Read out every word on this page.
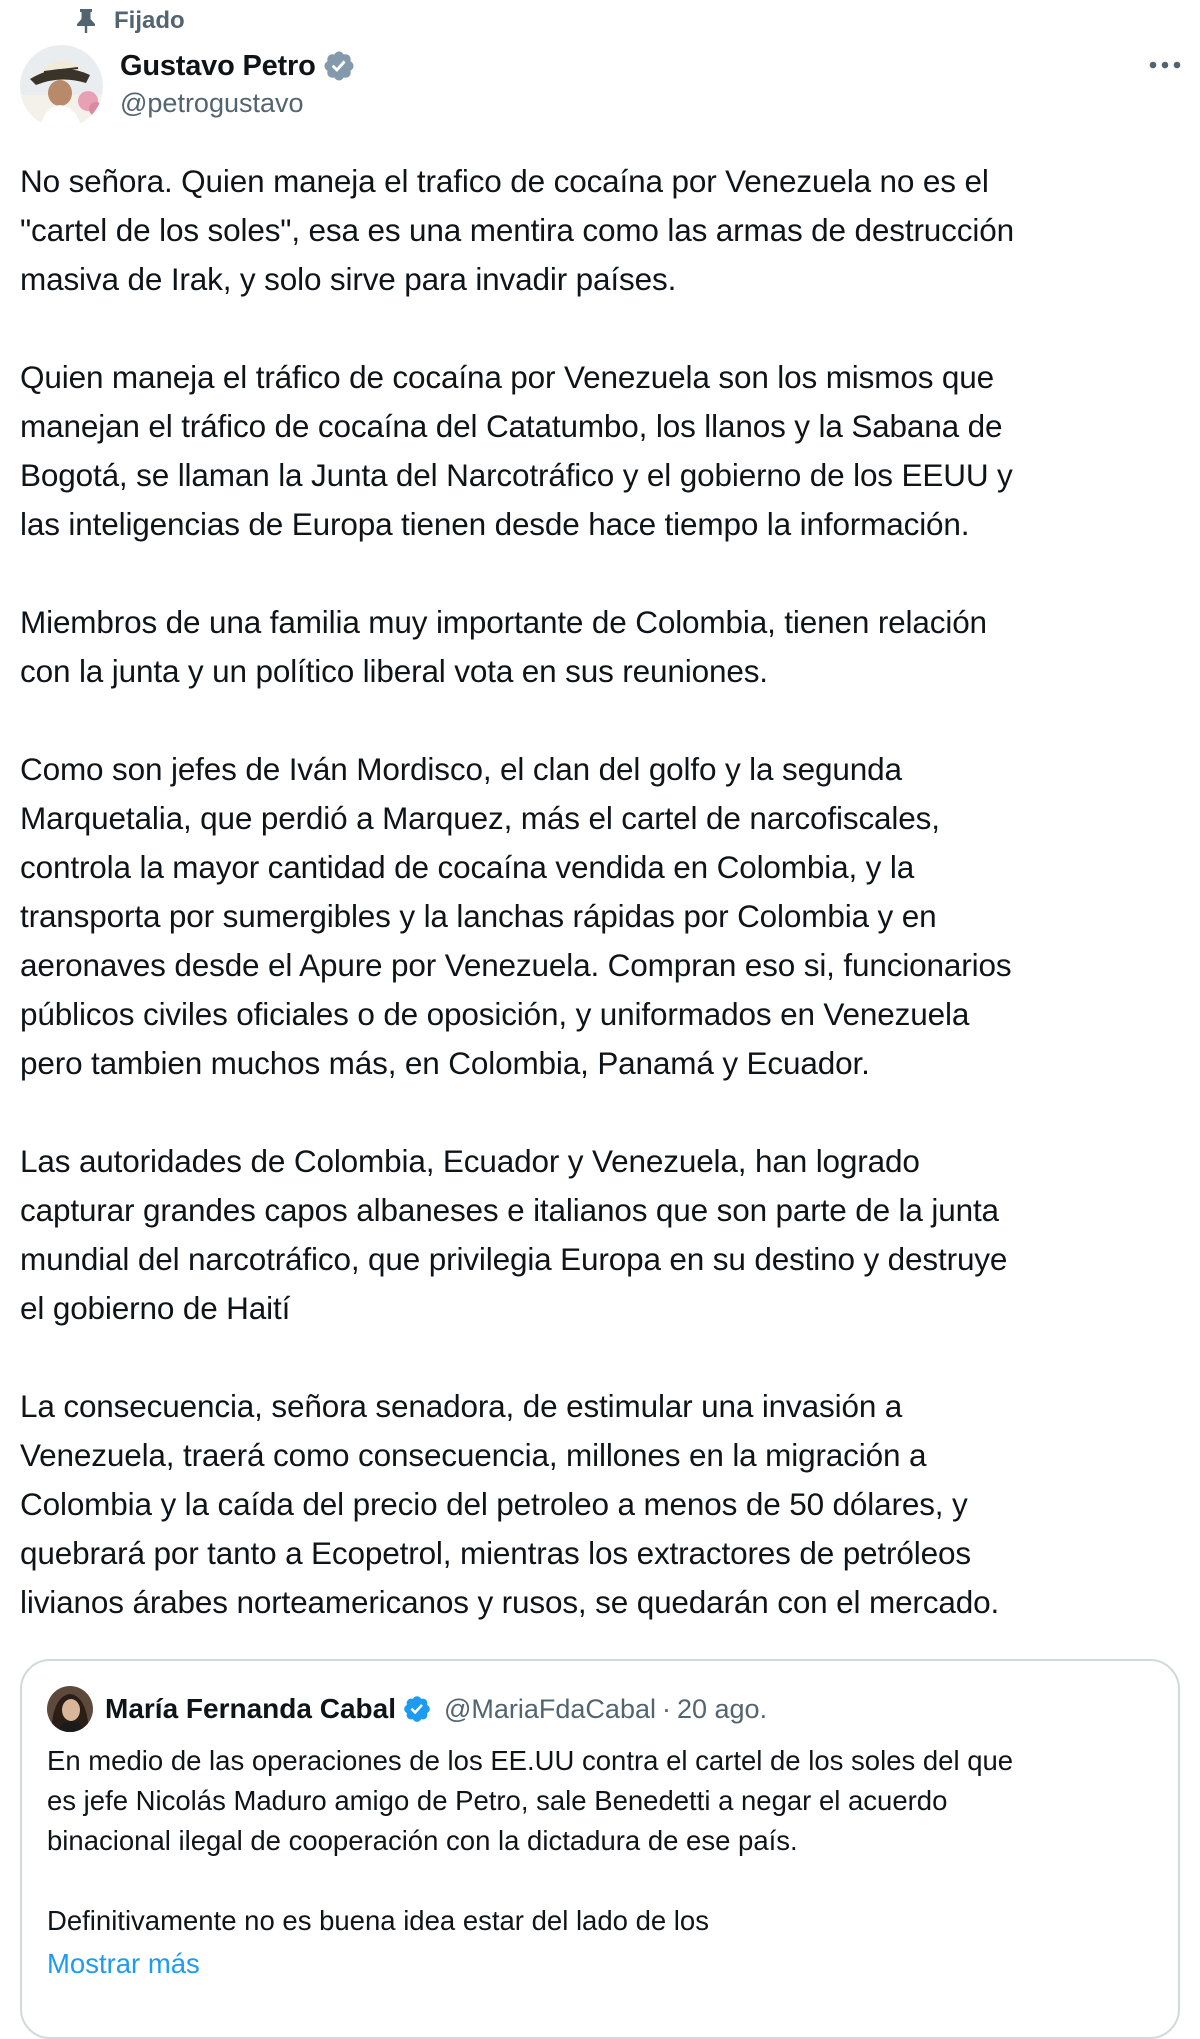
Fijado
Gustavo Petro
@petrogustavo

No señora. Quien maneja el trafico de cocaína por Venezuela no es el
"cartel de los soles", esa es una mentira como las armas de destrucción
masiva de Irak, y solo sirve para invadir países.

Quien maneja el tráfico de cocaína por Venezuela son los mismos que
manejan el tráfico de cocaína del Catatumbo, los llanos y la Sabana de
Bogotá, se llaman la Junta del Narcotráfico y el gobierno de los EEUU y
las inteligencias de Europa tienen desde hace tiempo la información.

Miembros de una familia muy importante de Colombia, tienen relación
con la junta y un político liberal vota en sus reuniones.

Como son jefes de Iván Mordisco, el clan del golfo y la segunda
Marquetalia, que perdió a Marquez, más el cartel de narcofiscales,
controla la mayor cantidad de cocaína vendida en Colombia, y la
transporta por sumergibles y la lanchas rápidas por Colombia y en
aeronaves desde el Apure por Venezuela. Compran eso si, funcionarios
públicos civiles oficiales o de oposición, y uniformados en Venezuela
pero tambien muchos más, en Colombia, Panamá y Ecuador.

Las autoridades de Colombia, Ecuador y Venezuela, han logrado
capturar grandes capos albaneses e italianos que son parte de la junta
mundial del narcotráfico, que privilegia Europa en su destino y destruye
el gobierno de Haití

La consecuencia, señora senadora, de estimular una invasión a
Venezuela, traerá como consecuencia, millones en la migración a
Colombia y la caída del precio del petroleo a menos de 50 dólares, y
quebrará por tanto a Ecopetrol, mientras los extractores de petróleos
livianos árabes norteamericanos y rusos, se quedarán con el mercado.

María Fernanda Cabal @MariaFdaCabal · 20 ago.

En medio de las operaciones de los EE.UU contra el cartel de los soles del que
es jefe Nicolás Maduro amigo de Petro, sale Benedetti a negar el acuerdo
binacional ilegal de cooperación con la dictadura de ese país.

Definitivamente no es buena idea estar del lado de los

Mostrar más
